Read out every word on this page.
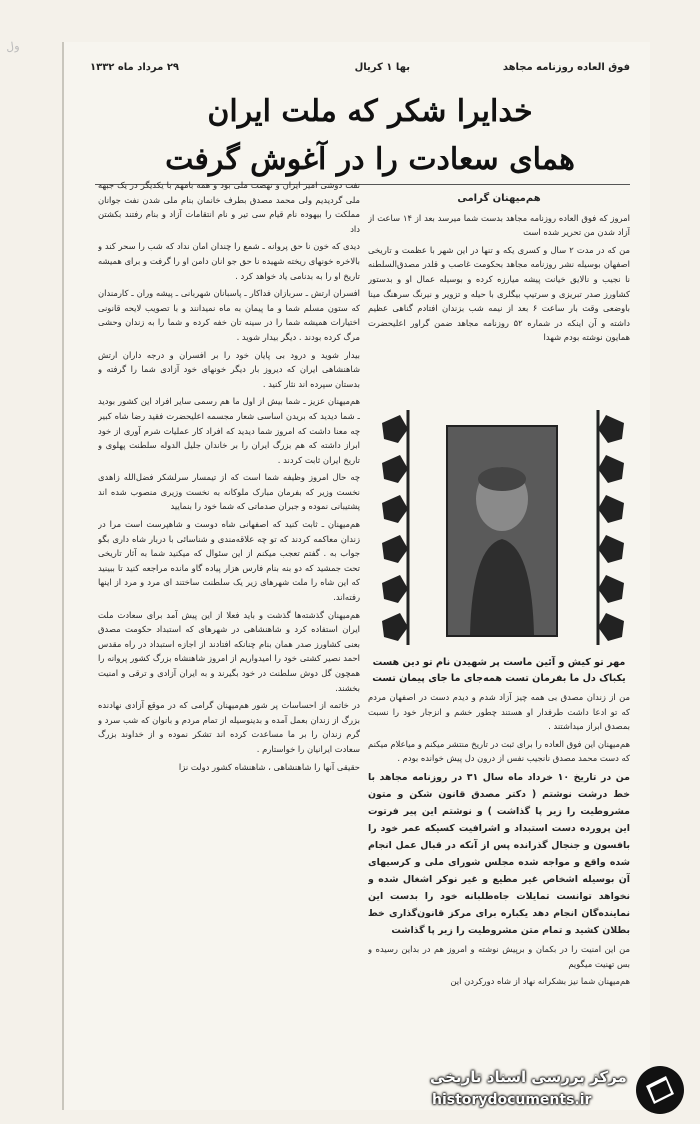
ول
فوق العاده روزنامه مجاهد
بها ۱ کریال
۲۹ مرداد ماه ۱۳۳۲
خدایرا شکر که ملت ایران
همای سعادت را در آغوش گرفت
هم‌میهنان گرامی

امروز که فوق العاده روزنامه مجاهد بدست شما میرسد بعد از ۱۴ ساعت از آزاد شدن من تحریر شده است

من که در مدت ۲ سال و کسری یکه و تنها در این شهر با عظمت و تاریخی اصفهان بوسیله نشر روزنامه مجاهد بحکومت غاصب و قلدر مصدق‌السلطنه نا نجیب و نالایق خیانت پیشه میارزه کرده و بوسیله عمال او و بدستور کشاورز صدر تبریزی و سرتیپ بیگلری با حیله و تزویر و نیرنگ سرهنگ مینا باوضعی وقت بار ساعت ۶ بعد از نیمه شب بزندان افتادم گناهی عظیم داشته و آن اینکه در شماره ۵۲ روزنامه مجاهد ضمن گراور اعلیحضرت همایون نوشته بودم شهدا

مهر تو کیش و آئین ماست پر شهیدن نام تو دین هست
یکباک دل ما بفرمان تست همه‌جای ما جای پیمان تست

من از زندان مصدق بی همه چیز آزاد شدم و دیدم دست در اصفهان مردم که تو ادعا داشت طرفدار او هستند چطور خشم و انزجار خود را نسبت بمصدق ابراز میداشتند .

هم‌میهنان این فوق العاده را برای ثبت در تاریخ منتشر میکنم و میاعلام میکنم که دست محمد مصدق نانجیب نفس از درون دل پیش خوانده بودم .

من در تاریخ ۱۰ خرداد ماه سال ۳۱ در روزنامه مجاهد با خط درشت نوشتم ( دکتر مصدق قانون شکن و متون مشروطیت را زیر پا گذاشت ) و نوشتم این پیر فرتوت این پرورده دست استبداد و اشرافیت کسیکه عمر خود را بافسون و جنجال گذرانده پس از آنکه در قبال عمل انجام شده واقع و مواجه شده مجلس شورای ملی و کرسیهای آن بوسیله اشخاص غیر مطیع و غیر نوکر اشغال شده و نخواهد توانست تمایلات جاه‌طلبانه خود را بدست این نماینده‌گان انجام دهد یکباره برای مرکز قانون‌گذاری خط بطلان کشید و تمام متن مشروطیت را زیر پا گذاشت

من این امنیت را در بکمان و برپیش نوشته و امروز هم در بداین رسیده و بس تهنیت میگویم

هم‌میهنان شما نیز بشکرانه نهاد از شاه دورکردن این

تفت دوشی امیر ایران و نهضت ملی بود و همه بامهم با یکدیگر در یک جبهه ملی گردیدیم ولی محمد مصدق بطرف خانمان بنام ملی شدن نفت جوانان مملکت را بیهوده نام قیام سی تیر و نام انتقامات آزاد و بنام رفتند بکشتن داد

دیدی که خون نا حق پروانه ـ شمع را چندان امان نداد که شب را سحر کند و بالاخره خونهای ریخته شهیده نا حق جو انان دامن او را گرفت و برای همیشه تاریخ او را به بدنامی یاد خواهد کرد .

افسران ارتش ـ سربازان فداکار ـ پاسبانان شهربانی ـ پیشه وران ـ کارمندان که ستون مسلم شما و ما پیمان به ماه نمیدانند و با تصویب لایحه قانونی اختیارات همیشه شما را در سینه تان خفه کرده و شما را به زندان وحشی مرگ کرده بودند . دیگر بیدار شوید .

بیدار شوید و درود بی پایان خود را بر افسران و درجه داران ارتش شاهنشاهی ایران که دیروز بار دیگر خونهای خود آزادی شما را گرفته و بدستان سپرده اند نثار کنید .

هم‌میهنان عزیز ـ شما بیش از اول ما هم رسمی سایر افراد این کشور بودید ـ شما دیدید که بریدن اساسی شعار مجسمه اعلیحضرت فقید رضا شاه کبیر چه معنا داشت که امروز شما دیدید که افراد کار عملیات شرم آوری از خود ابراز داشته که هم بزرگ ایران را بر خاندان جلیل الدوله سلطنت پهلوی و تاریخ ایران ثابت کردند .

چه حال امروز وظیفه شما است که از تیمسار سرلشکر فضل‌الله زاهدی نخست وزیر که بفرمان مبارک ملوکانه به نخست وزیری منصوب شده اند پشتیبانی نموده و جبران صدماتی که شما خود را بنمایید

هم‌میهنان ـ ثابت کنید که اصفهانی شاه دوست و شاهپرست است مرا در زندان معاکمه کردند که تو چه علاقه‌مندی و شناسائی با دربار شاه داری بگو جواب به . گفتم تعجب میکنم از این سئوال که میکنید شما به آثار تاریخی تحت جمشید که دو بنه بنام فارس هزار پیاده گاو مانده مراجعه کنید تا ببینید که این شاه را ملت شهرهای زیر یک سلطنت ساختند ای مرد و مرد از اینها رفته‌اند.

هم‌میهنان گذشته‌ها گذشت و باید فعلا از این پیش آمد برای سعادت ملت ایران استفاده کرد و شاهنشاهی در شهرهای که استبداد حکومت مصدق بعنی کشاورز صدر همان بنام چنانکه افتادند از اجازه استبداد در راه مقدس احمد نصیر کشتی خود را امیدواریم از امروز شاهنشاه بزرگ کشور پروانه را همچون گل دوش سلطنت در خود بگیرند و به ایران آزادی و ترقی و امنیت بخشند.

در خاتمه از احساسات پر شور هم‌میهنان گرامی که در موقع آزادی نهادنده بزرگ از زندان بعمل آمده و بدینوسیله از تمام مردم و بانوان که شب سرد و گرم زندان را بر ما مساعدت کرده اند تشکر نموده و از خداوند بزرگ سعادت ایرانیان را خواستارم .

حقیقی آنها را شاهنشاهی ، شاهنشاه کشور دولت نزا

مرکز بررسی اسناد تاریخی
historydocuments.ir
